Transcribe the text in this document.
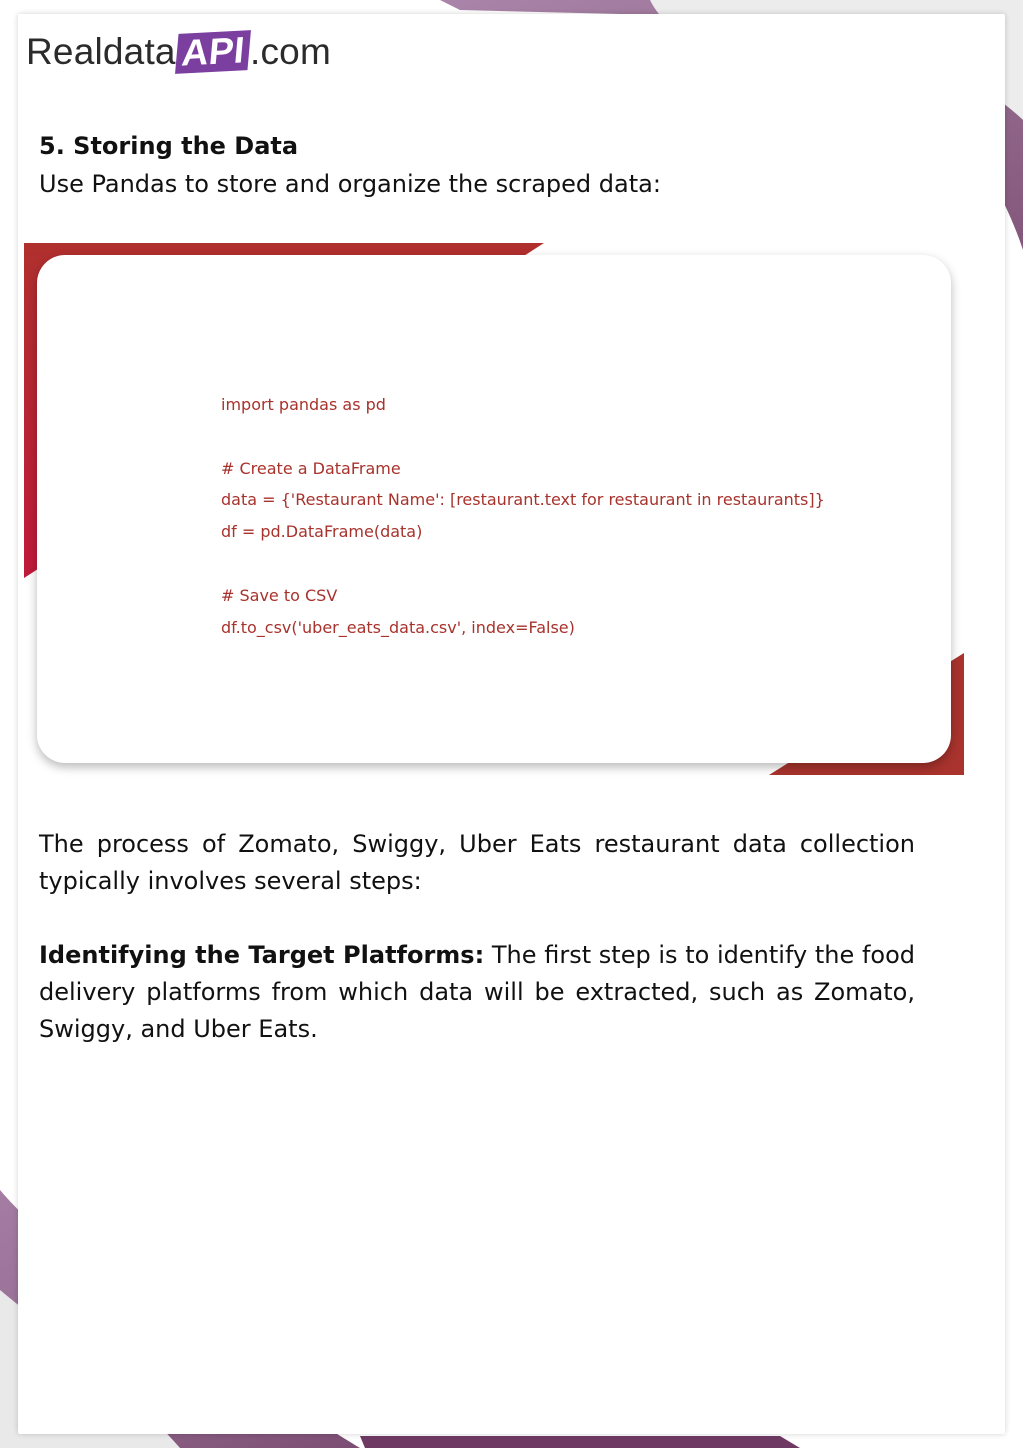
Realdata API .com
5. Storing the Data
Use Pandas to store and organize the scraped data:
import pandas as pd
# Create a DataFrame
data = {'Restaurant Name': [restaurant.text for restaurant in restaurants]}
df = pd.DataFrame(data)
# Save to CSV
df.to_csv('uber_eats_data.csv', index=False)
The process of Zomato, Swiggy, Uber Eats restaurant data collection typically involves several steps:
Identifying the Target Platforms: The first step is to identify the food delivery platforms from which data will be extracted, such as Zomato, Swiggy, and Uber Eats.
